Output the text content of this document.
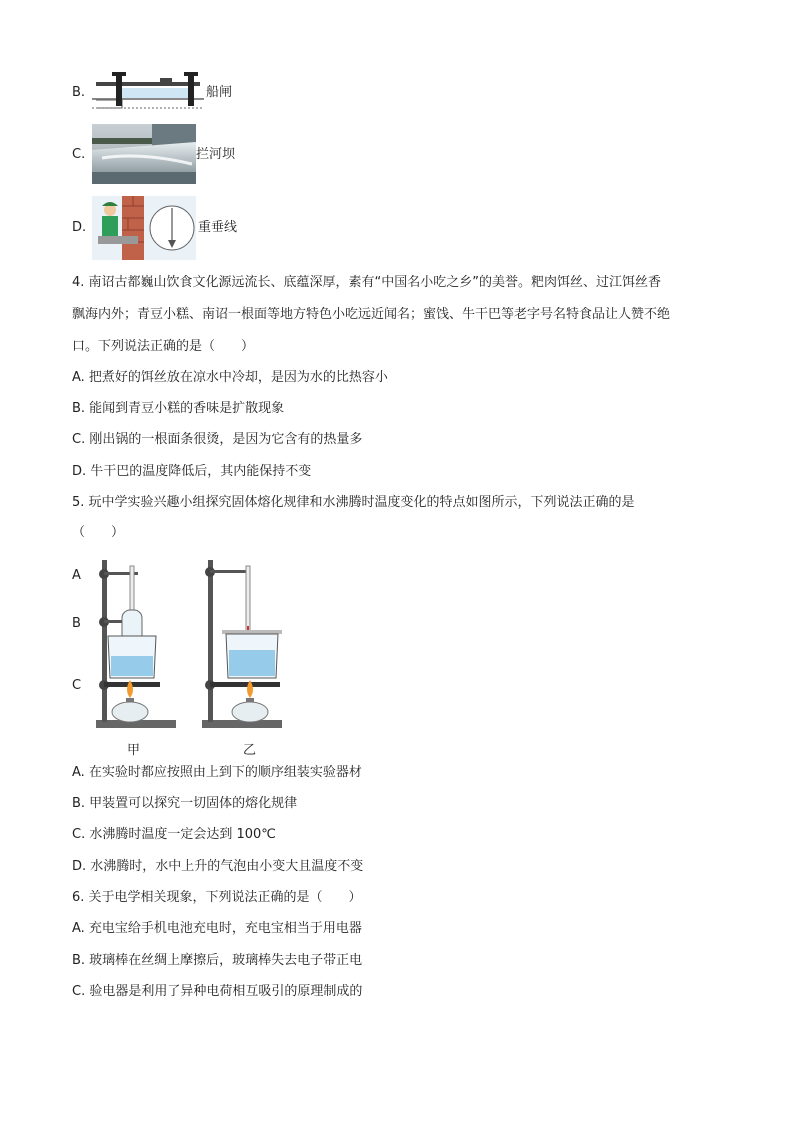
B.	船闸
C.	拦河坝
D.	重垂线
4. 南诏古都巍山饮食文化源远流长、底蕴深厚，素有“中国名小吃之乡”的美誉。粑肉饵丝、过江饵丝香
飘海内外；青豆小糕、南诏一根面等地方特色小吃远近闻名；蜜饯、牛干巴等老字号名特食品让人赞不绝
口。下列说法正确的是（　　）
A. 把煮好的饵丝放在凉水中冷却，是因为水的比热容小
B. 能闻到青豆小糕的香味是扩散现象
C. 刚出锅的一根面条很烫，是因为它含有的热量多
D. 牛干巴的温度降低后，其内能保持不变
5. 玩中学实验兴趣小组探究固体熔化规律和水沸腾时温度变化的特点如图所示，下列说法正确的是
（　　）
A
B
C
甲	乙
A. 在实验时都应按照由上到下的顺序组装实验器材
B. 甲装置可以探究一切固体的熔化规律
C. 水沸腾时温度一定会达到 100℃
D. 水沸腾时，水中上升的气泡由小变大且温度不变
6. 关于电学相关现象，下列说法正确的是（　　）
A. 充电宝给手机电池充电时，充电宝相当于用电器
B. 玻璃棒在丝绸上摩擦后，玻璃棒失去电子带正电
C. 验电器是利用了异种电荷相互吸引的原理制成的
